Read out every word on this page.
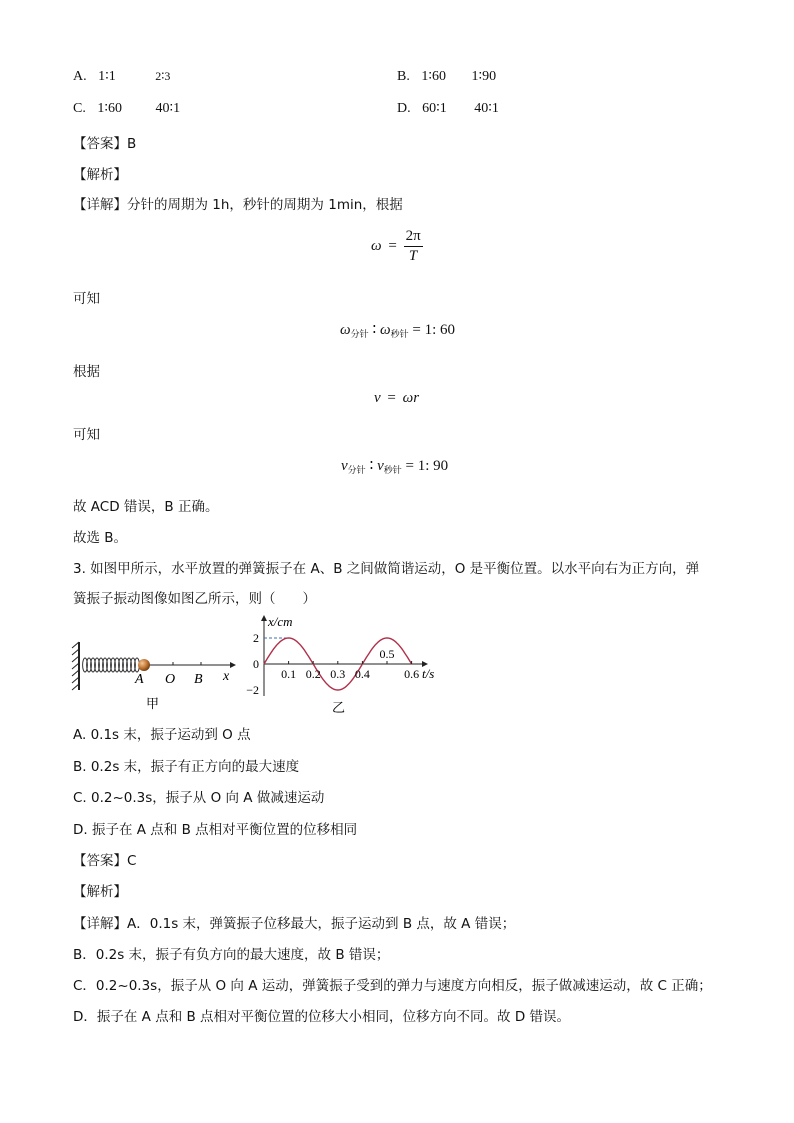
A. 1∶1	2∶3	B. 1∶60 1∶90
C. 1∶60 40∶1	D. 60∶1 40∶1
【答案】B
【解析】
【详解】分针的周期为 1h，秒针的周期为 1min，根据
$\omega = \frac{2\pi}{T}$
可知
$\omega_{分针}$ ∶ $\omega_{秒针} = 1$: 60
根据
v = ωr
可知
$v_{分针}$ ∶ $v_{秒针} = 1$: 90
故 ACD 错误，B 正确。
故选 B。
3. 如图甲所示，水平放置的弹簧振子在 A、B 之间做简谐运动，O 是平衡位置。以水平向右为正方向，弹
簧振子振动图像如图乙所示，则（　　）
A O B x
甲
0.1 0.2 0.3 0.4
0.5
0.6
2
0
−2
x/cm
t/s
乙
A. 0.1s 末，振子运动到 O 点
B. 0.2s 末，振子有正方向的最大速度
C. 0.2~0.3s，振子从 O 向 A 做减速运动
D. 振子在 A 点和 B 点相对平衡位置的位移相同
【答案】C
【解析】
【详解】A．0.1s 末，弹簧振子位移最大，振子运动到 B 点，故 A 错误；
B．0.2s 末，振子有负方向的最大速度，故 B 错误；
C．0.2~0.3s，振子从 O 向 A 运动，弹簧振子受到的弹力与速度方向相反，振子做减速运动，故 C 正确；
D．振子在 A 点和 B 点相对平衡位置的位移大小相同，位移方向不同。故 D 错误。
